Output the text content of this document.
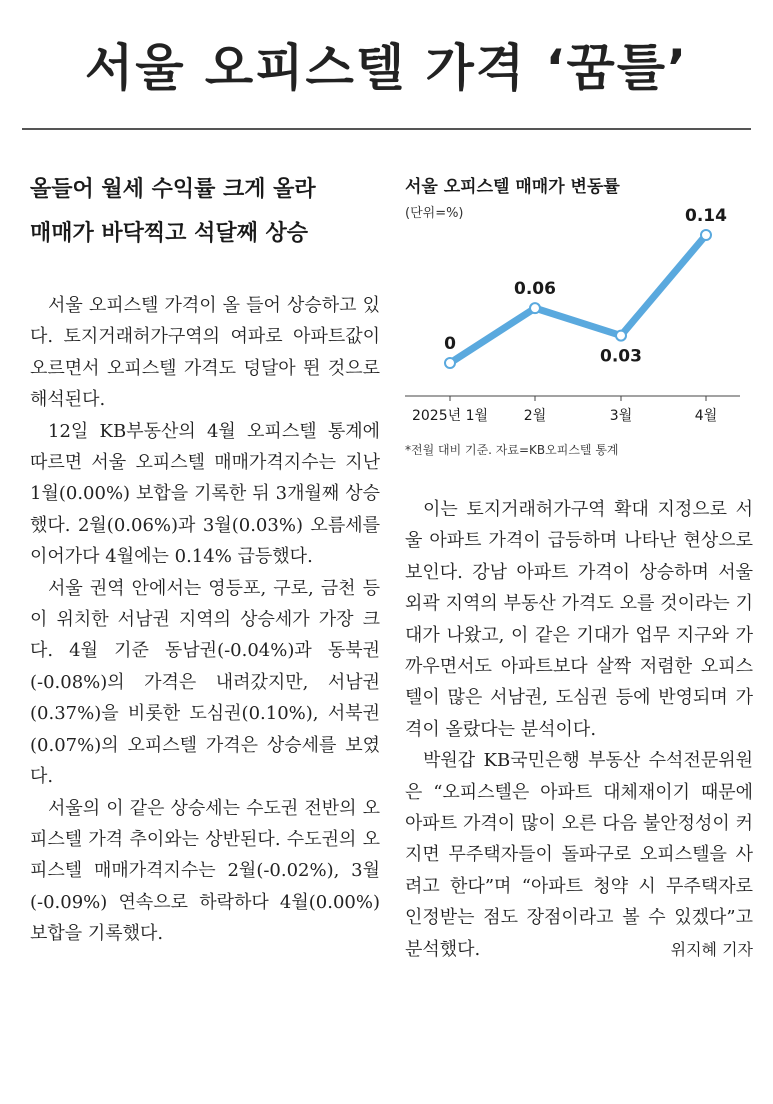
서울 오피스텔 가격 ‘꿈틀’
올들어 월세 수익률 크게 올라
매매가 바닥찍고 석달째 상승

서울 오피스텔 가격이 올 들어 상승하고 있다. 토지거래허가구역의 여파로 아파트값이 오르면서 오피스텔 가격도 덩달아 뛴 것으로 해석된다.

12일 KB부동산의 4월 오피스텔 통계에 따르면 서울 오피스텔 매매가격지수는 지난 1월(0.00%) 보합을 기록한 뒤 3개월째 상승했다. 2월(0.06%)과 3월(0.03%) 오름세를 이어가다 4월에는 0.14% 급등했다.

서울 권역 안에서는 영등포, 구로, 금천 등이 위치한 서남권 지역의 상승세가 가장 크다. 4월 기준 동남권(-0.04%)과 동북권(-0.08%)의 가격은 내려갔지만, 서남권(0.37%)을 비롯한 도심권(0.10%), 서북권(0.07%)의 오피스텔 가격은 상승세를 보였다.

서울의 이 같은 상승세는 수도권 전반의 오피스텔 가격 추이와는 상반된다. 수도권의 오피스텔 매매가격지수는 2월(-0.02%), 3월(-0.09%) 연속으로 하락하다 4월(0.00%) 보합을 기록했다.

서울 오피스텔 매매가 변동률
(단위=%)
0
2025년 1월
0.06
2월
0.03
3월
0.14
4월
*전월 대비 기준. 자료=KB오피스텔 통계

이는 토지거래허가구역 확대 지정으로 서울 아파트 가격이 급등하며 나타난 현상으로 보인다. 강남 아파트 가격이 상승하며 서울 외곽 지역의 부동산 가격도 오를 것이라는 기대가 나왔고, 이 같은 기대가 업무 지구와 가까우면서도 아파트보다 살짝 저렴한 오피스텔이 많은 서남권, 도심권 등에 반영되며 가격이 올랐다는 분석이다.

박원갑 KB국민은행 부동산 수석전문위원은 “오피스텔은 아파트 대체재이기 때문에 아파트 가격이 많이 오른 다음 불안정성이 커지면 무주택자들이 돌파구로 오피스텔을 사려고 한다”며 “아파트 청약 시 무주택자로 인정받는 점도 장점이라고 볼 수 있겠다”고 분석했다.	위지혜 기자
